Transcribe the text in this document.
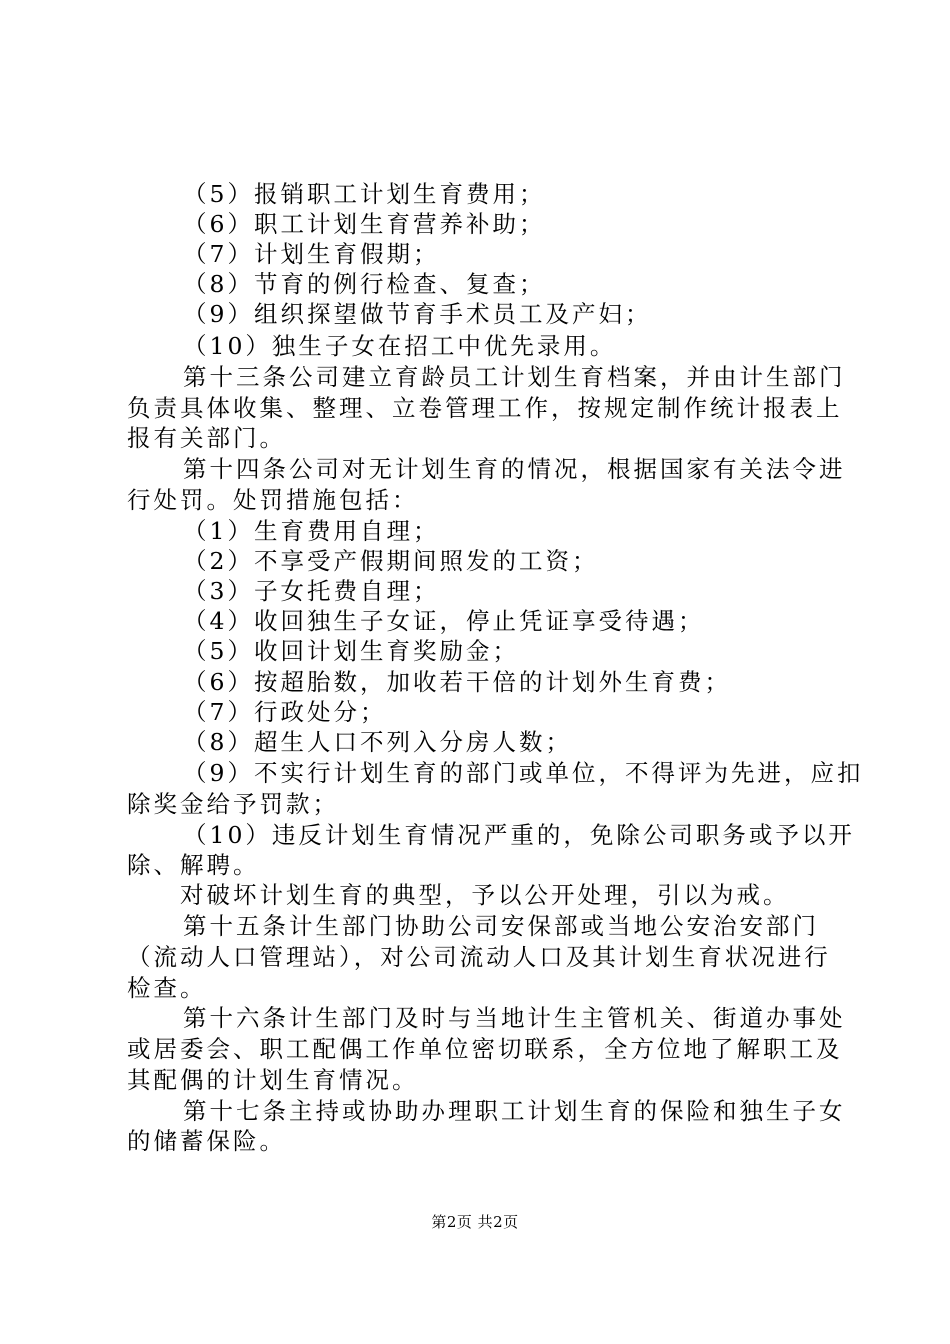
（5）报销职工计划生育费用；
（6）职工计划生育营养补助；
（7）计划生育假期；
（8）节育的例行检查、复查；
（9）组织探望做节育手术员工及产妇；
（10）独生子女在招工中优先录用。
第十三条公司建立育龄员工计划生育档案，并由计生部门
负责具体收集、整理、立卷管理工作，按规定制作统计报表上
报有关部门。
第十四条公司对无计划生育的情况，根据国家有关法令进
行处罚。处罚措施包括：
（1）生育费用自理；
（2）不享受产假期间照发的工资；
（3）子女托费自理；
（4）收回独生子女证，停止凭证享受待遇；
（5）收回计划生育奖励金；
（6）按超胎数，加收若干倍的计划外生育费；
（7）行政处分；
（8）超生人口不列入分房人数；
（9）不实行计划生育的部门或单位，不得评为先进，应扣
除奖金给予罚款；
（10）违反计划生育情况严重的，免除公司职务或予以开
除、解聘。
对破坏计划生育的典型，予以公开处理，引以为戒。
第十五条计生部门协助公司安保部或当地公安治安部门
（流动人口管理站），对公司流动人口及其计划生育状况进行
检查。
第十六条计生部门及时与当地计生主管机关、街道办事处
或居委会、职工配偶工作单位密切联系，全方位地了解职工及
其配偶的计划生育情况。
第十七条主持或协助办理职工计划生育的保险和独生子女
的储蓄保险。
第2页 共2页
